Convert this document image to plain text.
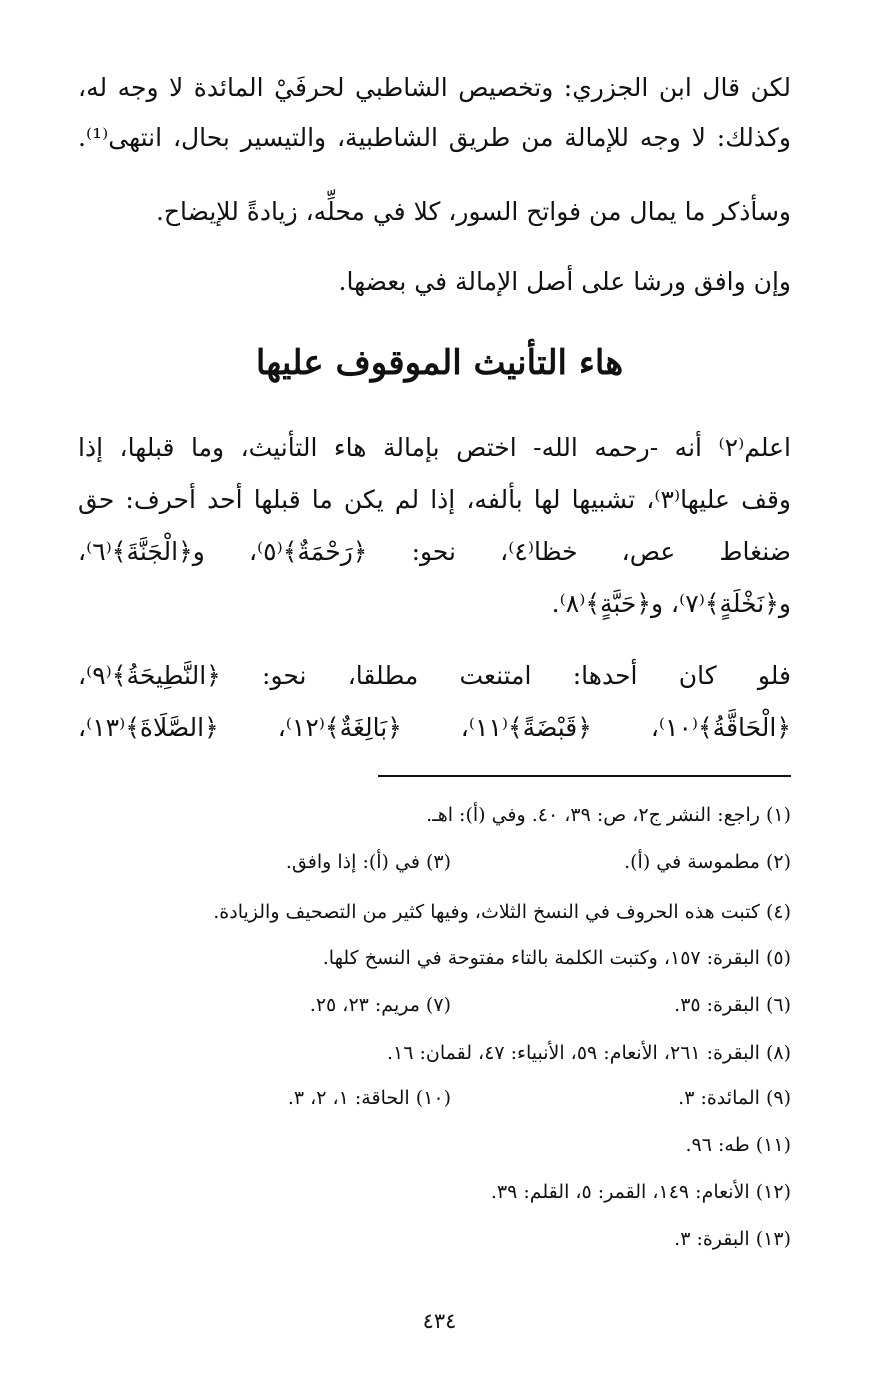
لكن قال ابن الجزري: وتخصيص الشاطبي لحرفَيْ المائدة لا وجه له،
وكذلك: لا وجه للإمالة من طريق الشاطبية، والتيسير بحال، انتهى⁽¹⁾.
وسأذكر ما يمال من فواتح السور، كلا في محلِّه، زيادةً للإيضاح.
وإن وافق ورشا على أصل الإمالة في بعضها.
هاء التأنيث الموقوف عليها
اعلم⁽٢⁾ أنه -رحمه الله- اختص بإمالة هاء التأنيث، وما قبلها، إذا
وقف عليها⁽٣⁾، تشبيها لها بألفه، إذا لم يكن ما قبلها أحد أحرف: حق
ضنغاط عص، خظا⁽٤⁾، نحو: ﴿رَحْمَةٌ﴾⁽٥⁾، و﴿الْجَنَّةَ﴾⁽٦⁾،
و﴿نَخْلَةٍ﴾⁽٧⁾، و﴿حَبَّةٍ﴾⁽٨⁾.
فلو كان أحدها: امتنعت مطلقا، نحو: ﴿النَّطِيحَةُ﴾⁽٩⁾،
﴿الْحَاقَّةُ﴾⁽١٠⁾، ﴿قَبْضَةً﴾⁽١١⁾، ﴿بَالِغَةٌ﴾⁽١٢⁾، ﴿الصَّلَاةَ﴾⁽١٣⁾،
(١) راجع: النشر ج٢، ص: ٣٩، ٤٠. وفي (أ): اهـ.
(٢) مطموسة في (أ).(٣) في (أ): إذا وافق.
(٤) كتبت هذه الحروف في النسخ الثلاث، وفيها كثير من التصحيف والزيادة.
(٥) البقرة: ١٥٧، وكتبت الكلمة بالتاء مفتوحة في النسخ كلها.
(٦) البقرة: ٣٥.(٧) مريم: ٢٣، ٢٥.
(٨) البقرة: ٢٦١، الأنعام: ٥٩، الأنبياء: ٤٧، لقمان: ١٦.
(٩) المائدة: ٣.(١٠) الحاقة: ١، ٢، ٣.
(١١) طه: ٩٦.
(١٢) الأنعام: ١٤٩، القمر: ٥، القلم: ٣٩.
(١٣) البقرة: ٣.
٤٣٤
